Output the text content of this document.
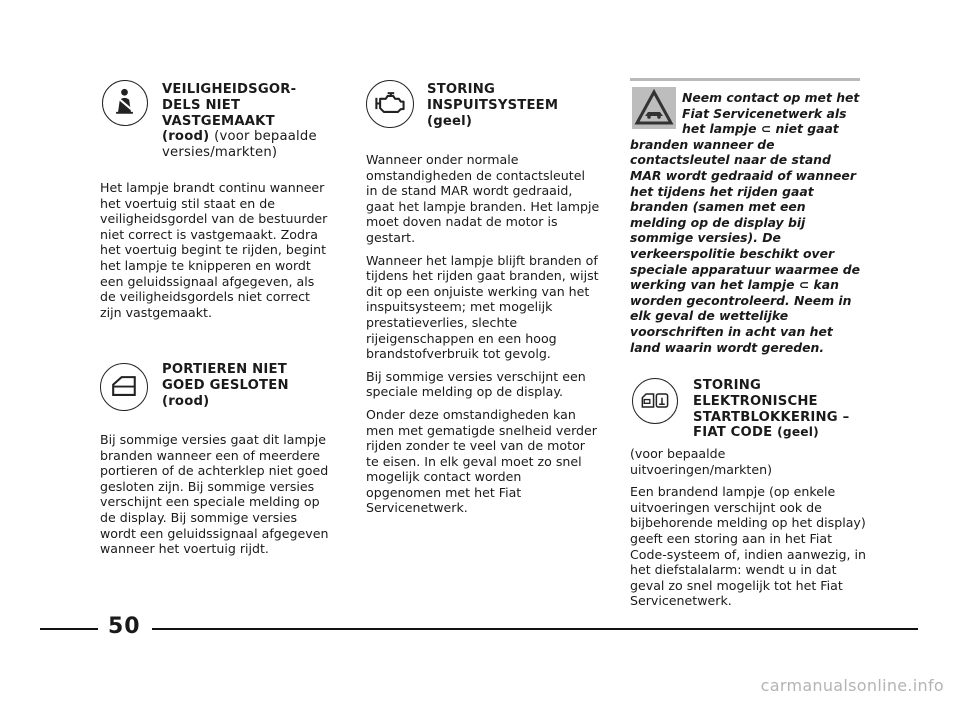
VEILIGHEIDSGOR-
DELS NIET
VASTGEMAAKT
(rood) (voor bepaalde versies/markten)

Het lampje brandt continu wanneer het voertuig stil staat en de veiligheidsgordel van de bestuurder niet correct is vastgemaakt. Zodra het voertuig begint te rijden, begint het lampje te knipperen en wordt een geluidssignaal afgegeven, als de veiligheidsgordels niet correct zijn vastgemaakt.

PORTIEREN NIET
GOED GESLOTEN
(rood)

Bij sommige versies gaat dit lampje branden wanneer een of meerdere portieren of de achterklep niet goed gesloten zijn. Bij sommige versies verschijnt een speciale melding op de display. Bij sommige versies wordt een geluidssignaal afgegeven wanneer het voertuig rijdt.

STORING
INSPUITSYSTEEM
(geel)

Wanneer onder normale omstandigheden de contactsleutel in de stand MAR wordt gedraaid, gaat het lampje branden. Het lampje moet doven nadat de motor is gestart.

Wanneer het lampje blijft branden of tijdens het rijden gaat branden, wijst dit op een onjuiste werking van het inspuitsysteem; met mogelijk prestatieverlies, slechte rijeigenschappen en een hoog brandstofverbruik tot gevolg.

Bij sommige versies verschijnt een speciale melding op de display.

Onder deze omstandigheden kan men met gematigde snelheid verder rijden zonder te veel van de motor te eisen. In elk geval moet zo snel mogelijk contact worden opgenomen met het Fiat Servicenetwerk.

Neem contact op met het Fiat Servicenetwerk als het lampje ⊂ niet gaat branden wanneer de contactsleutel naar de stand MAR wordt gedraaid of wanneer het tijdens het rijden gaat branden (samen met een melding op de display bij sommige versies). De verkeerspolitie beschikt over speciale apparatuur waarmee de werking van het lampje ⊂ kan worden gecontroleerd. Neem in elk geval de wettelijke voorschriften in acht van het land waarin wordt gereden.
STORING
ELEKTRONISCHE
STARTBLOKKERING –
FIAT CODE (geel)

(voor bepaalde uitvoeringen/markten)

Een brandend lampje (op enkele uitvoeringen verschijnt ook de bijbehorende melding op het display) geeft een storing aan in het Fiat Code-systeem of, indien aanwezig, in het diefstalalarm: wendt u in dat geval zo snel mogelijk tot het Fiat Servicenetwerk.

50
carmanualsonline.info
